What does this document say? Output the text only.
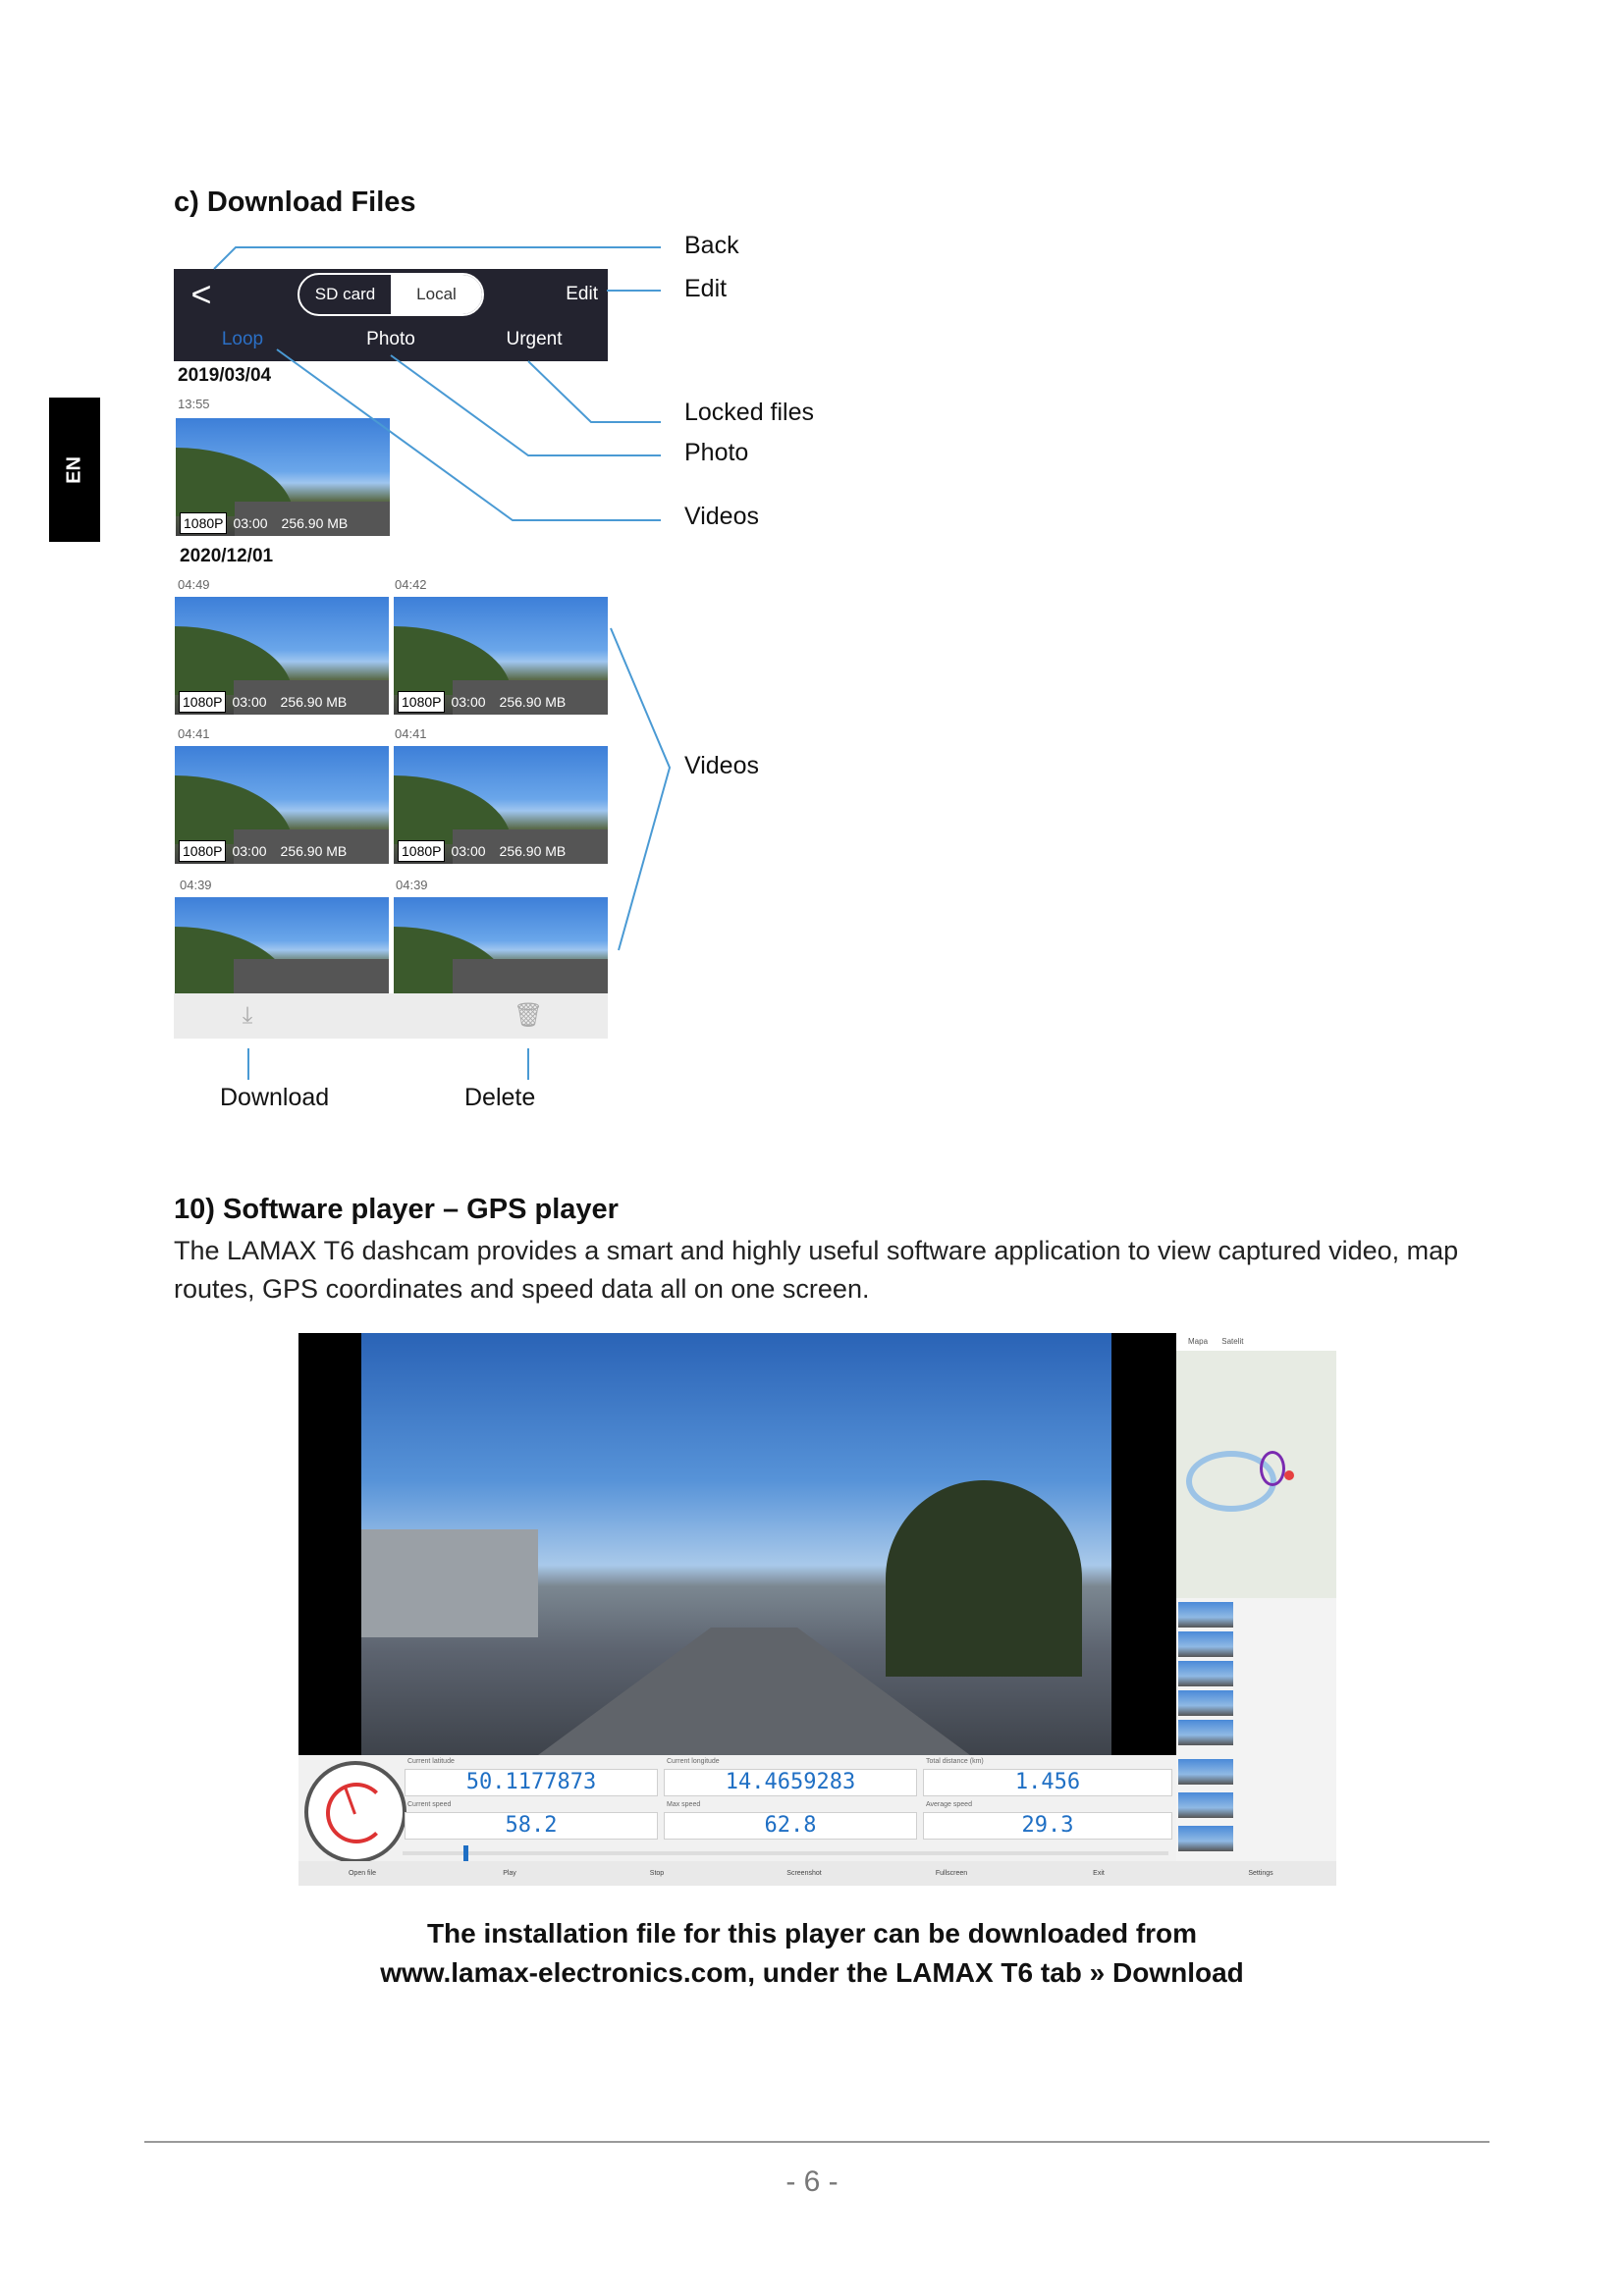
EN
c) Download Files
<	SD card	Local	Edit
Loop	Photo	Urgent
2019/03/04
13:55
1080P 03:00 256.90 MB
2020/12/01
04:49	04:42
1080P 03:00 256.90 MB	1080P 03:00 256.90 MB
04:41	04:41
1080P 03:00 256.90 MB	1080P 03:00 256.90 MB
04:39	04:39
⤓	🗑
Back
Edit
Locked files
Photo
Videos
Videos
Download	Delete
10) Software player – GPS player

The LAMAX T6 dashcam provides a smart and highly useful software application to view captured video, map routes, GPS coordinates and speed data all on one screen.

Mapa Satelit
Current latitude
50.1177873
Current longitude
14.4659283
Total distance (km)
1.456
Current speed
58.2
Max speed
62.8
Average speed
29.3
Open file	Play	Stop	Screenshot	Fullscreen	Exit	Settings
The installation file for this player can be downloaded from
www.lamax-electronics.com, under the LAMAX T6 tab » Download
- 6 -
